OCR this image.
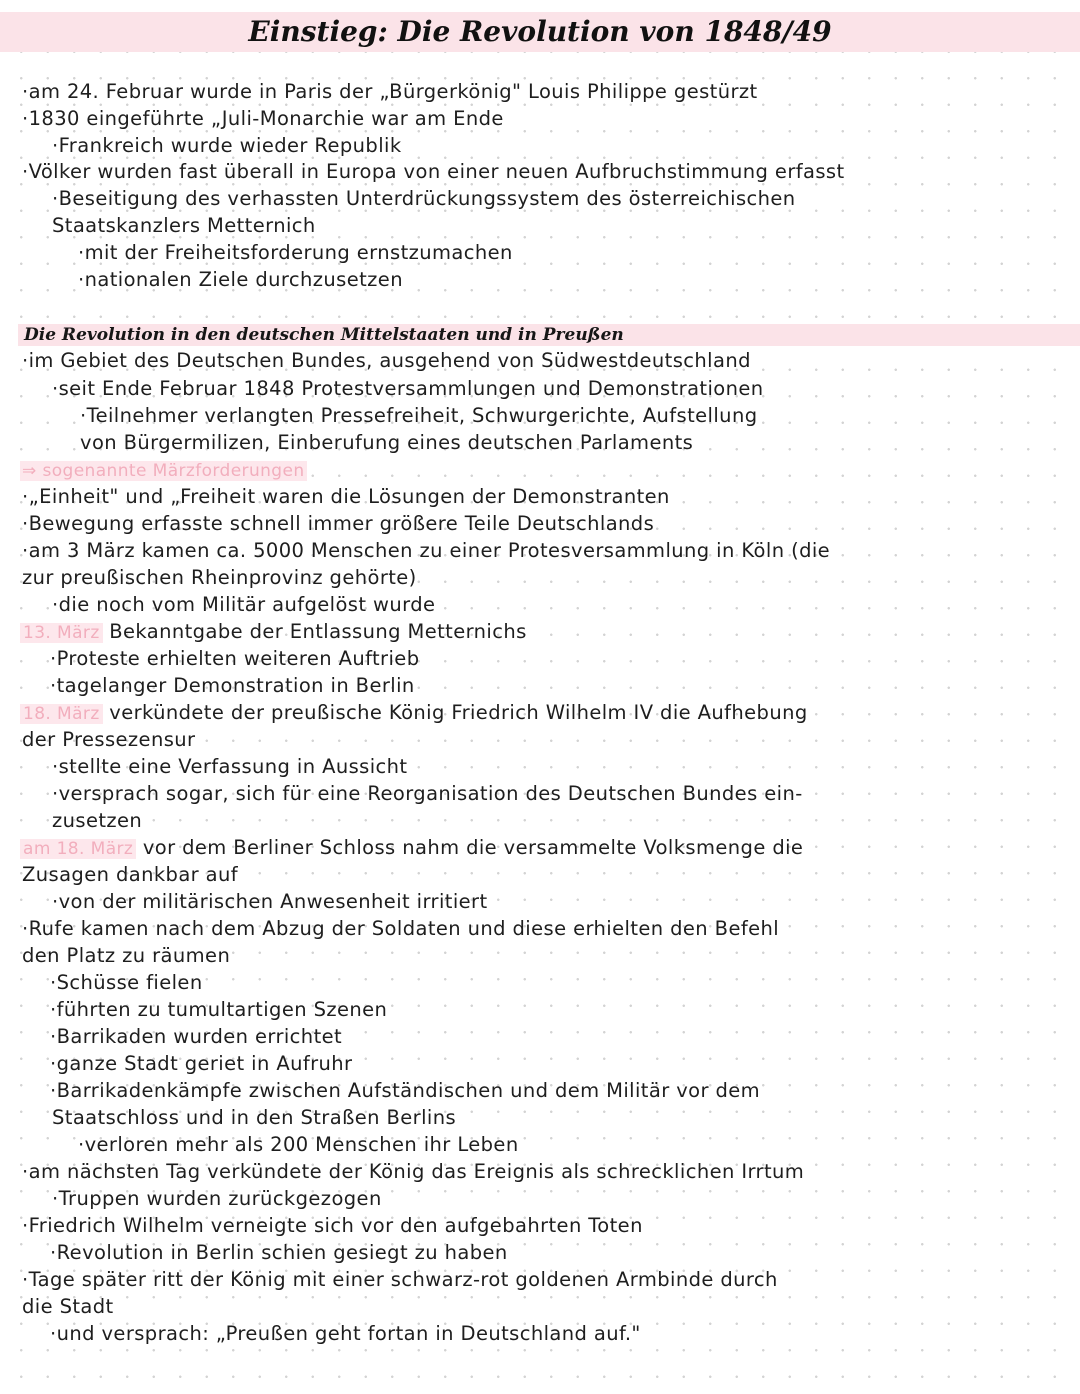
Einstieg: Die Revolution von 1848/49
·am 24. Februar wurde in Paris der „Bürgerkönig" Louis Philippe gestürzt
·1830 eingeführte „Juli-Monarchie war am Ende
·Frankreich wurde wieder Republik
·Völker wurden fast überall in Europa von einer neuen Aufbruchstimmung erfasst
·Beseitigung des verhassten Unterdrückungssystem des österreichischen
Staatskanzlers Metternich
·mit der Freiheitsforderung ernstzumachen
·nationalen Ziele durchzusetzen
Die Revolution in den deutschen Mittelstaaten und in Preußen
·im Gebiet des Deutschen Bundes, ausgehend von Südwestdeutschland
·seit Ende Februar 1848 Protestversammlungen und Demonstrationen
·Teilnehmer verlangten Pressefreiheit, Schwurgerichte, Aufstellung
von Bürgermilizen, Einberufung eines deutschen Parlaments
⇒ sogenannte Märzforderungen
·„Einheit" und „Freiheit waren die Lösungen der Demonstranten
·Bewegung erfasste schnell immer größere Teile Deutschlands
·am 3 März kamen ca. 5000 Menschen zu einer Protesversammlung in Köln (die
zur preußischen Rheinprovinz gehörte)
·die noch vom Militär aufgelöst wurde
13. März Bekanntgabe der Entlassung Metternichs
·Proteste erhielten weiteren Auftrieb
·tagelanger Demonstration in Berlin
18. März verkündete der preußische König Friedrich Wilhelm IV die Aufhebung
der Pressezensur
·stellte eine Verfassung in Aussicht
·versprach sogar, sich für eine Reorganisation des Deutschen Bundes ein-
zusetzen
am 18. März vor dem Berliner Schloss nahm die versammelte Volksmenge die
Zusagen dankbar auf
·von der militärischen Anwesenheit irritiert
·Rufe kamen nach dem Abzug der Soldaten und diese erhielten den Befehl
den Platz zu räumen
·Schüsse fielen
·führten zu tumultartigen Szenen
·Barrikaden wurden errichtet
·ganze Stadt geriet in Aufruhr
·Barrikadenkämpfe zwischen Aufständischen und dem Militär vor dem
Staatschloss und in den Straßen Berlins
·verloren mehr als 200 Menschen ihr Leben
·am nächsten Tag verkündete der König das Ereignis als schrecklichen Irrtum
·Truppen wurden zurückgezogen
·Friedrich Wilhelm verneigte sich vor den aufgebahrten Toten
·Revolution in Berlin schien gesiegt zu haben
·Tage später ritt der König mit einer schwarz-rot goldenen Armbinde durch
die Stadt
·und versprach: „Preußen geht fortan in Deutschland auf."
